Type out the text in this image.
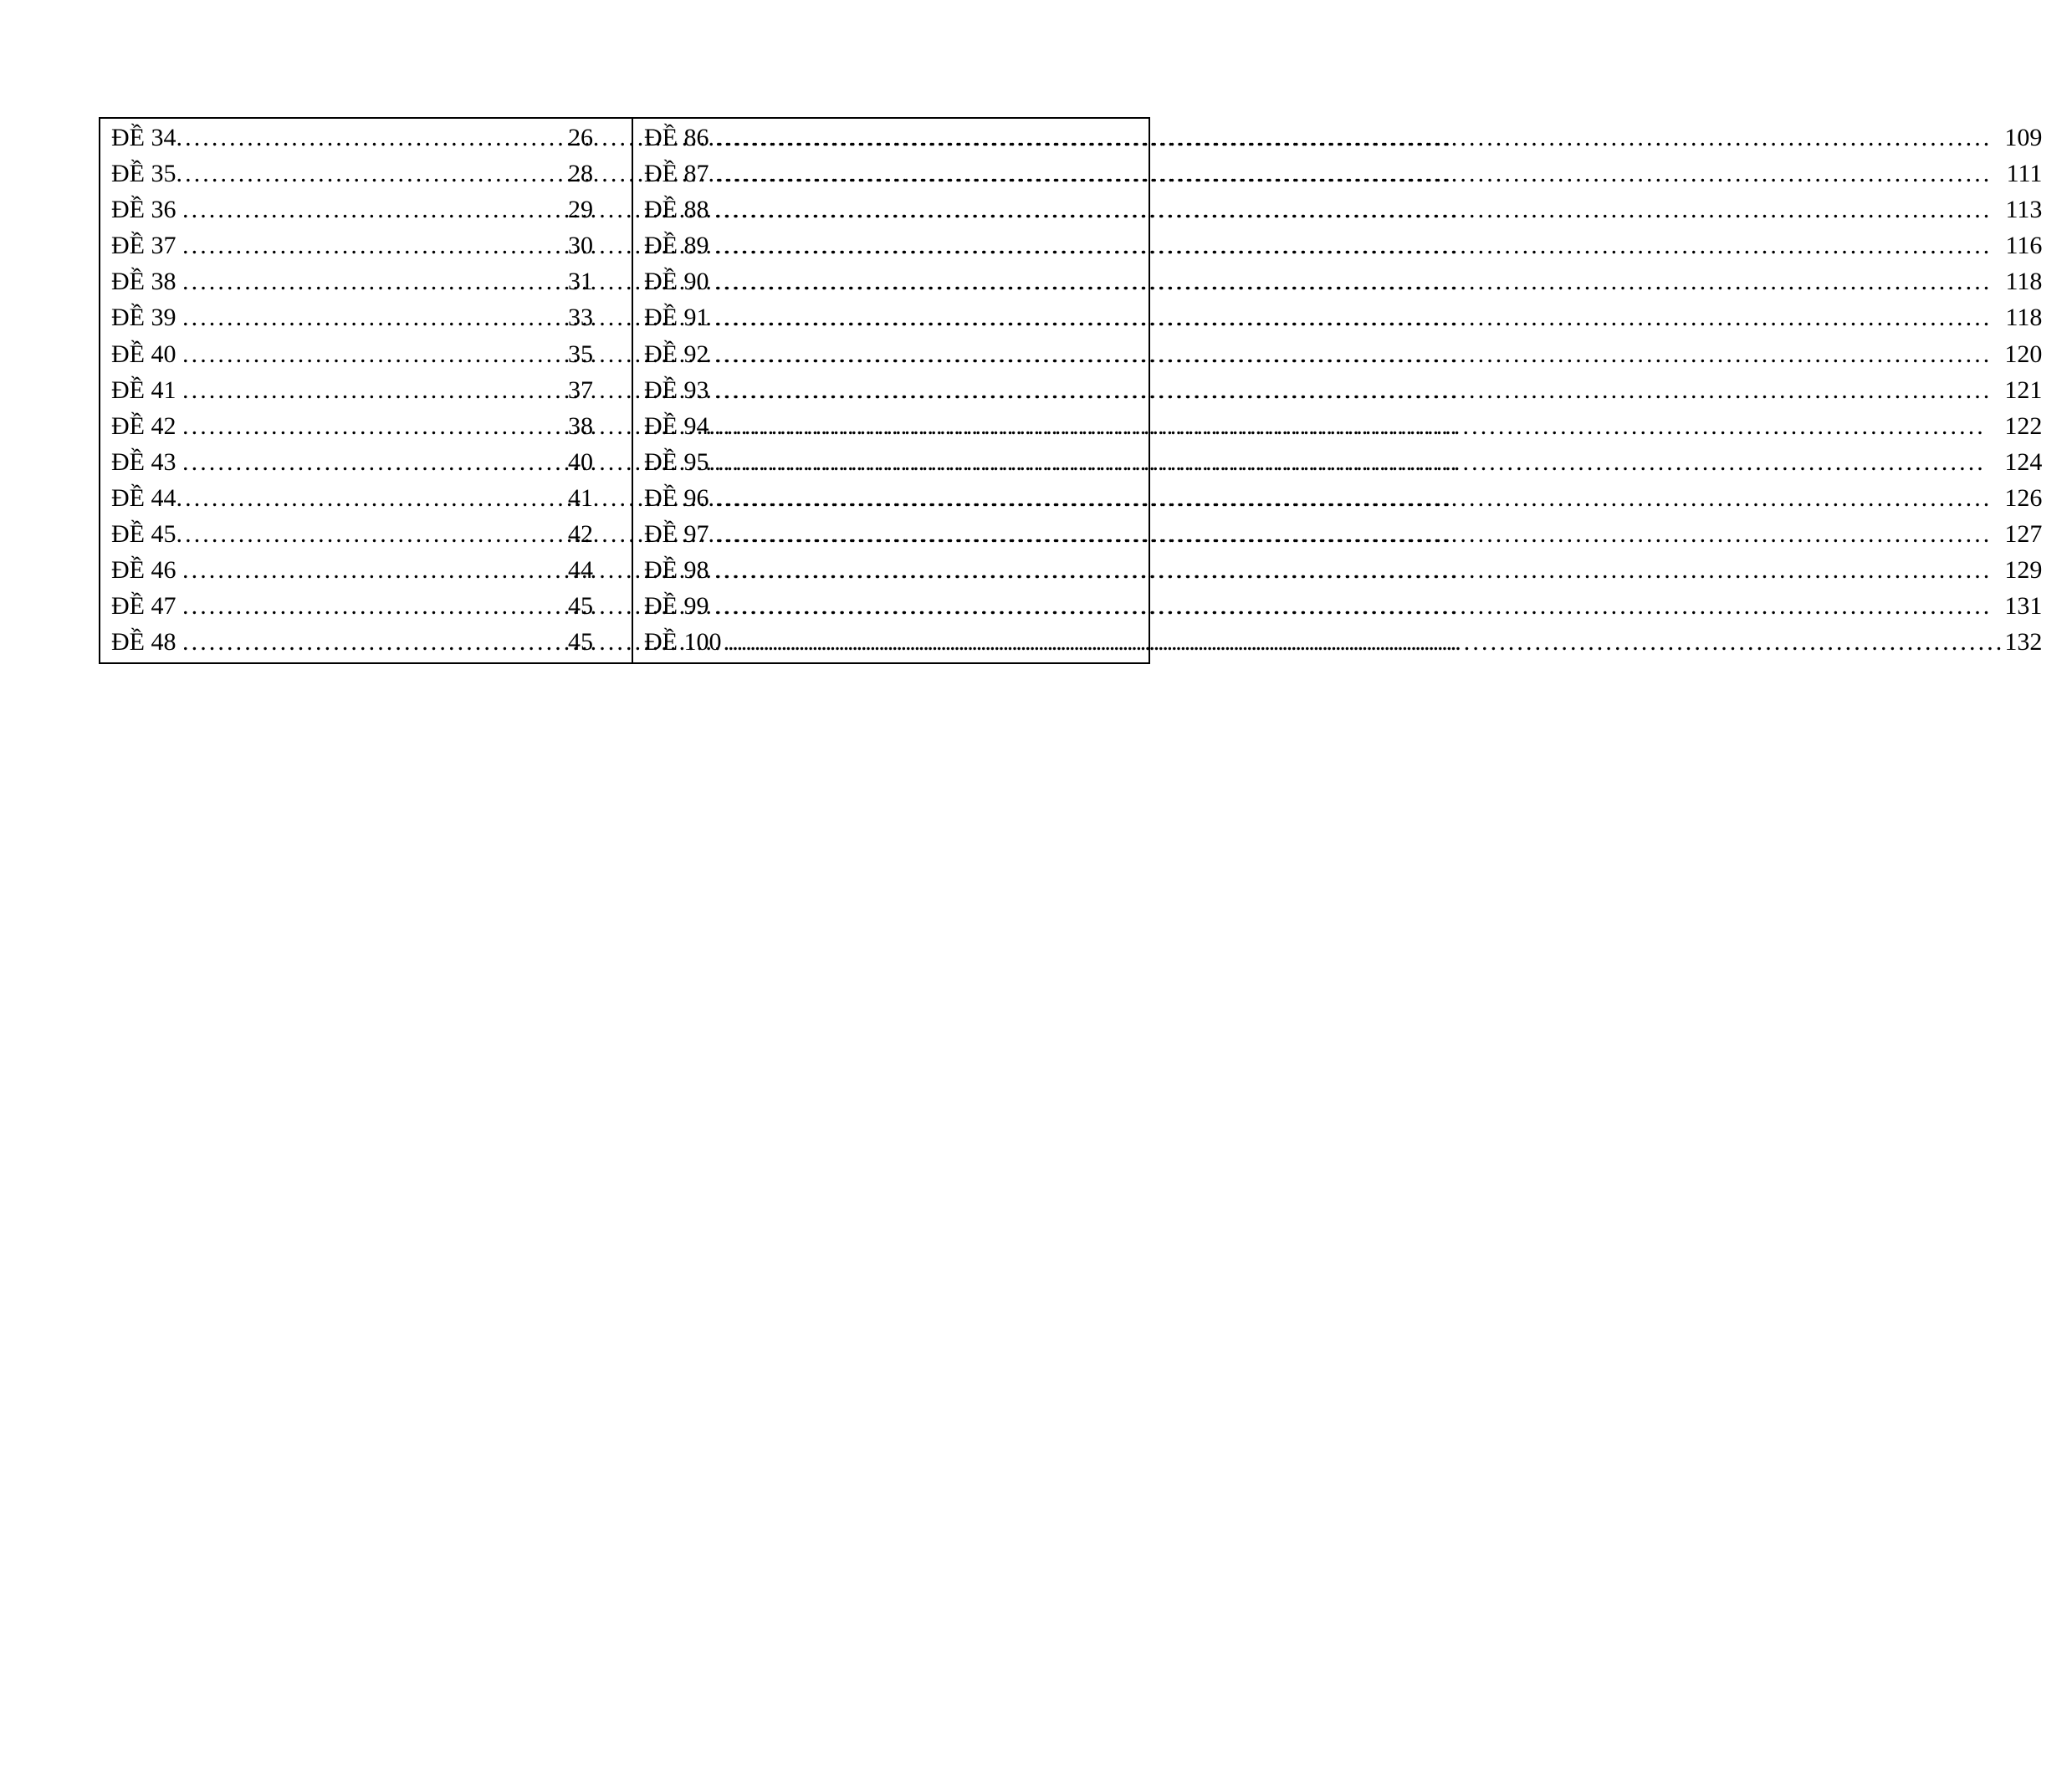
ĐỀ 34 .....	26
ĐỀ 35 .....	28
ĐỀ 36 .....	29
ĐỀ 37 .....	30
ĐỀ 38 .....	31
ĐỀ 39 .....	33
ĐỀ 40 .....	35
ĐỀ 41 .....	37
ĐỀ 42 .....	38
ĐỀ 43 .....	40
ĐỀ 44 .....	41
ĐỀ 45 .....	42
ĐỀ 46 .....	44
ĐỀ 47 .....	45
ĐỀ 48 .....	45
ĐỀ 86 .....	109
ĐỀ 87 .....	111
ĐỀ 88 .....	113
ĐỀ 89 .....	116
ĐỀ 90 .....	118
ĐỀ 91 .....	118
ĐỀ 92 .....	120
ĐỀ 93 .....	121
ĐỀ 94 .....	122
ĐỀ 95 .....	124
ĐỀ 96 .....	126
ĐỀ 97 .....	127
ĐỀ 98 .....	129
ĐỀ 99 .....	131
ĐỀ 100 .....	132
